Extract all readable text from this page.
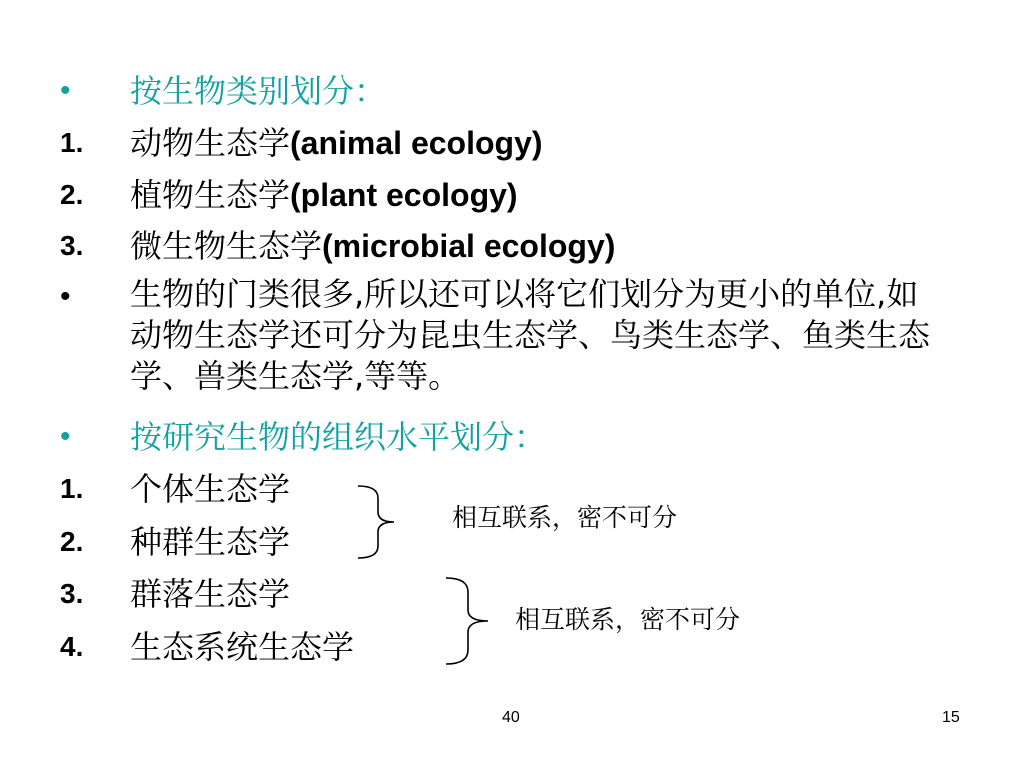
•	按生物类别划分：
1.	动物生态学(animal ecology)
2.	植物生态学(plant ecology)
3.	微生物生态学(microbial ecology)
•	生物的门类很多,所以还可以将它们划分为更小的单位,如动物生态学还可分为昆虫生态学、鸟类生态学、鱼类生态学、兽类生态学,等等。
•	按研究生物的组织水平划分：
1.	个体生态学
2.	种群生态学
3.	群落生态学
4.	生态系统生态学
相互联系，密不可分
相互联系，密不可分
40	15
